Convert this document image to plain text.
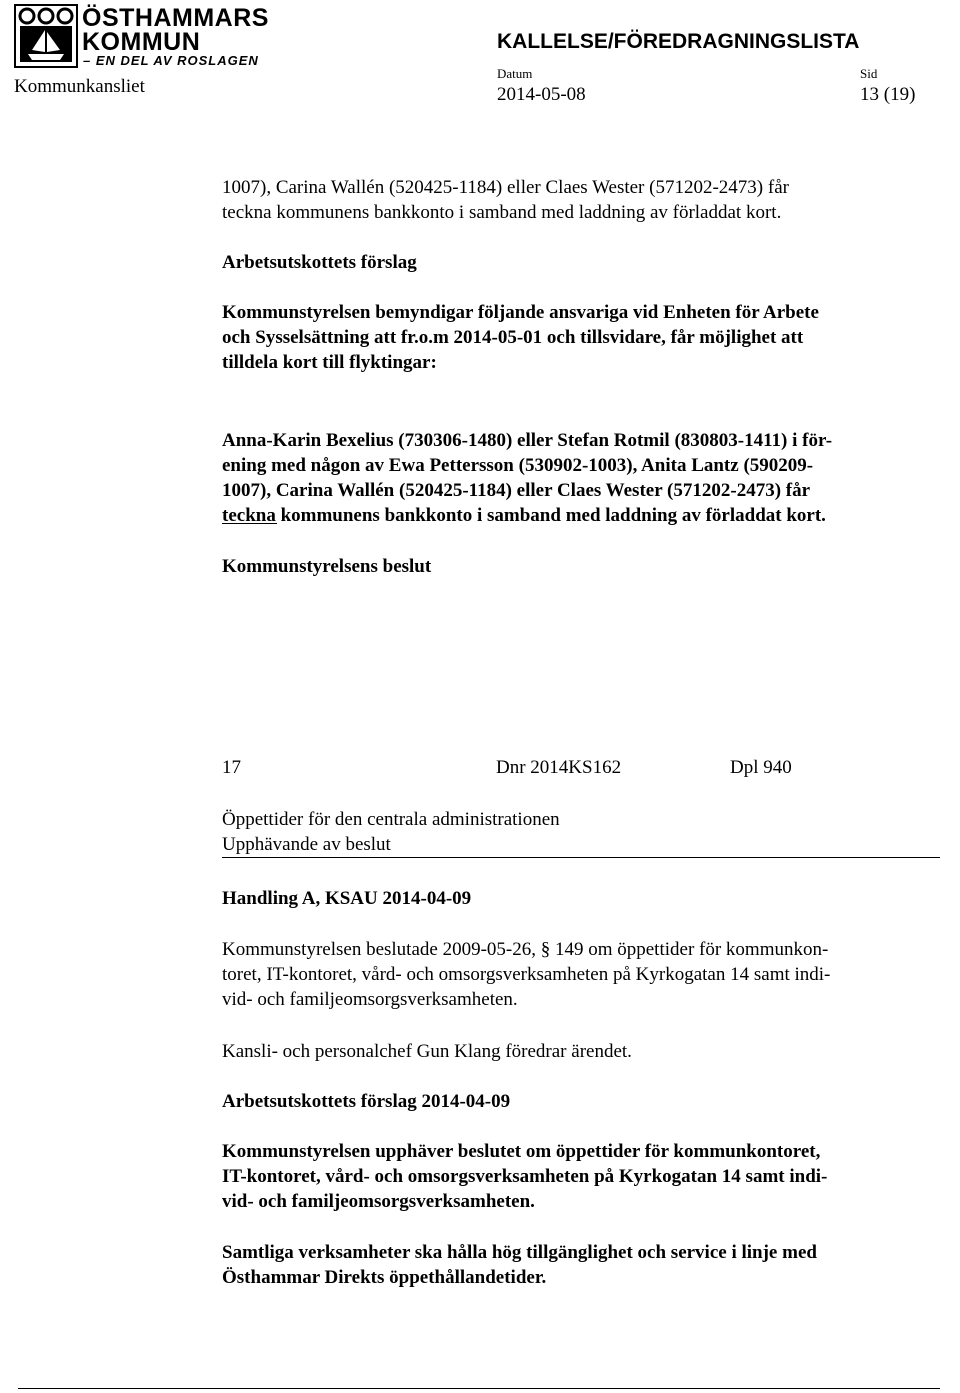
ÖSTHAMMARS
KOMMUN
– EN DEL AV ROSLAGEN
Kommunkansliet
KALLELSE/FÖREDRAGNINGSLISTA
Datum
2014-05-08
Sid
13 (19)
1007), Carina Wallén (520425-1184) eller Claes Wester (571202-2473) får
teckna kommunens bankkonto i samband med laddning av förladdat kort.
Arbetsutskottets förslag
Kommunstyrelsen bemyndigar följande ansvariga vid Enheten för Arbete
och Sysselsättning att fr.o.m 2014-05-01 och tillsvidare, får möjlighet att
tilldela kort till flyktingar:
Anna-Karin Bexelius (730306-1480) eller Stefan Rotmil (830803-1411) i för-
ening med någon av Ewa Pettersson (530902-1003), Anita Lantz (590209-
1007), Carina Wallén (520425-1184) eller Claes Wester (571202-2473) får
teckna kommunens bankkonto i samband med laddning av förladdat kort.
Kommunstyrelsens beslut
17	Dnr 2014KS162	Dpl 940
Öppettider för den centrala administrationen
Upphävande av beslut
Handling A, KSAU 2014-04-09
Kommunstyrelsen beslutade 2009-05-26, § 149 om öppettider för kommunkon-
toret, IT-kontoret, vård- och omsorgsverksamheten på Kyrkogatan 14 samt indi-
vid- och familjeomsorgsverksamheten.
Kansli- och personalchef Gun Klang föredrar ärendet.
Arbetsutskottets förslag 2014-04-09
Kommunstyrelsen upphäver beslutet om öppettider för kommunkontoret,
IT-kontoret, vård- och omsorgsverksamheten på Kyrkogatan 14 samt indi-
vid- och familjeomsorgsverksamheten.
Samtliga verksamheter ska hålla hög tillgänglighet och service i linje med
Östhammar Direkts öppethållandetider.
